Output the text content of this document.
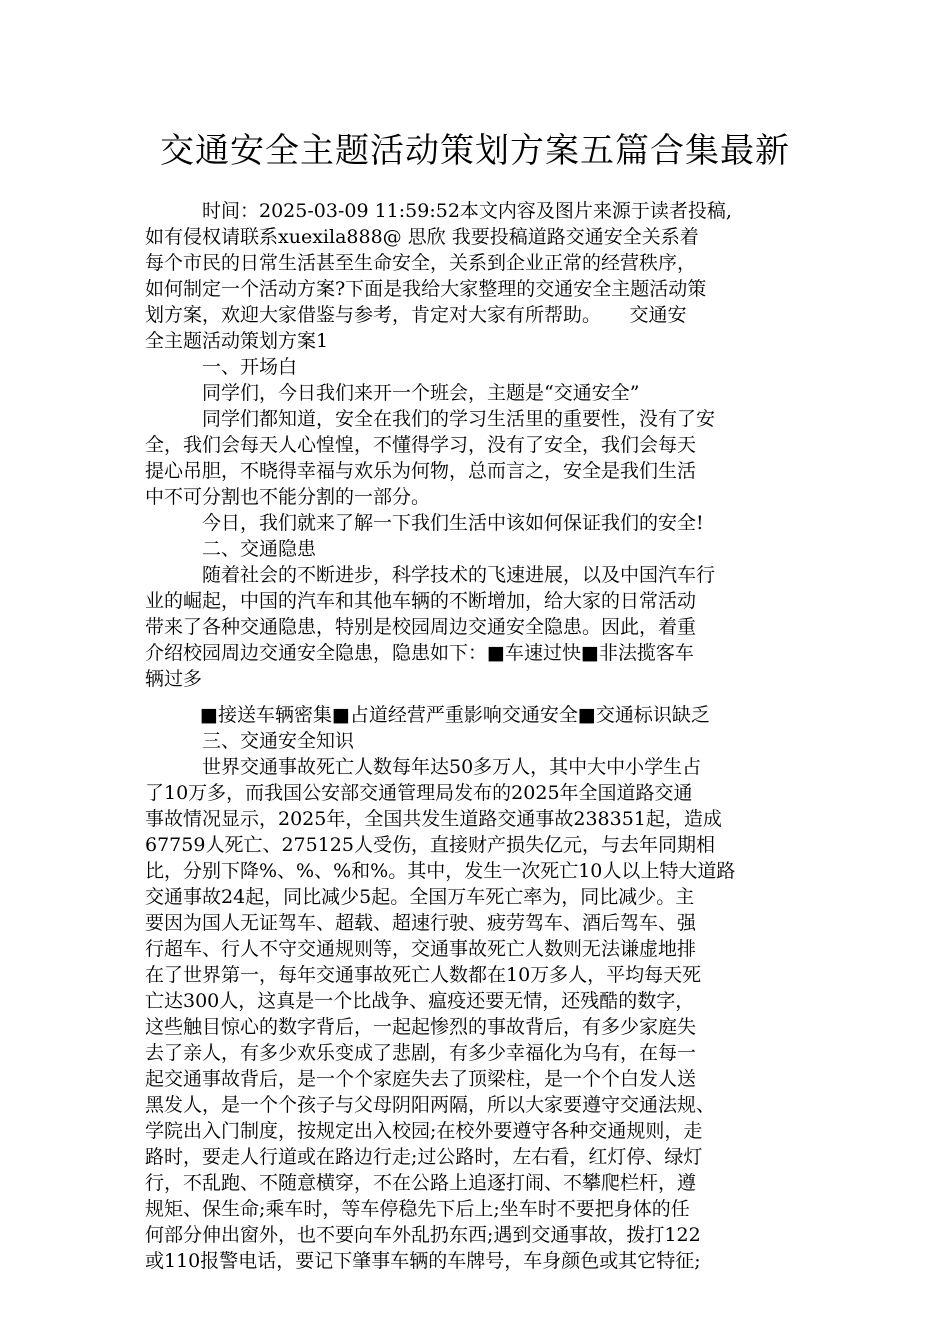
交通安全主题活动策划方案五篇合集最新
时间：2025-03-09 11:59:52本文内容及图片来源于读者投稿,
如有侵权请联系xuexila888@ 思欣 我要投稿道路交通安全关系着
每个市民的日常生活甚至生命安全，关系到企业正常的经营秩序，
如何制定一个活动方案?下面是我给大家整理的交通安全主题活动策
划方案，欢迎大家借鉴与参考，肯定对大家有所帮助。　　交通安
全主题活动策划方案1
一、开场白
同学们，今日我们来开一个班会，主题是“交通安全”
同学们都知道，安全在我们的学习生活里的重要性，没有了安
全，我们会每天人心惶惶，不懂得学习，没有了安全，我们会每天
提心吊胆，不晓得幸福与欢乐为何物，总而言之，安全是我们生活
中不可分割也不能分割的一部分。
今日，我们就来了解一下我们生活中该如何保证我们的安全!
二、交通隐患
随着社会的不断进步，科学技术的飞速进展，以及中国汽车行
业的崛起，中国的汽车和其他车辆的不断增加，给大家的日常活动
带来了各种交通隐患，特别是校园周边交通安全隐患。因此，着重
介绍校园周边交通安全隐患，隐患如下：■车速过快■非法揽客车
辆过多
■接送车辆密集■占道经营严重影响交通安全■交通标识缺乏
三、交通安全知识
世界交通事故死亡人数每年达50多万人，其中大中小学生占
了10万多，而我国公安部交通管理局发布的2025年全国道路交通
事故情况显示，2025年，全国共发生道路交通事故238351起，造成
67759人死亡、275125人受伤，直接财产损失亿元，与去年同期相
比，分别下降%、%、%和%。其中，发生一次死亡10人以上特大道路
交通事故24起，同比减少5起。全国万车死亡率为，同比减少。主
要因为国人无证驾车、超载、超速行驶、疲劳驾车、酒后驾车、强
行超车、行人不守交通规则等，交通事故死亡人数则无法谦虚地排
在了世界第一，每年交通事故死亡人数都在10万多人，平均每天死
亡达300人，这真是一个比战争、瘟疫还要无情，还残酷的数字，
这些触目惊心的数字背后，一起起惨烈的事故背后，有多少家庭失
去了亲人，有多少欢乐变成了悲剧，有多少幸福化为乌有，在每一
起交通事故背后，是一个个家庭失去了顶梁柱，是一个个白发人送
黑发人，是一个个孩子与父母阴阳两隔，所以大家要遵守交通法规、
学院出入门制度，按规定出入校园;在校外要遵守各种交通规则，走
路时，要走人行道或在路边行走;过公路时，左右看，红灯停、绿灯
行，不乱跑、不随意横穿，不在公路上追逐打闹、不攀爬栏杆，遵
规矩、保生命;乘车时，等车停稳先下后上;坐车时不要把身体的任
何部分伸出窗外，也不要向车外乱扔东西;遇到交通事故，拨打122
或110报警电话，要记下肇事车辆的车牌号，车身颜色或其它特征;
